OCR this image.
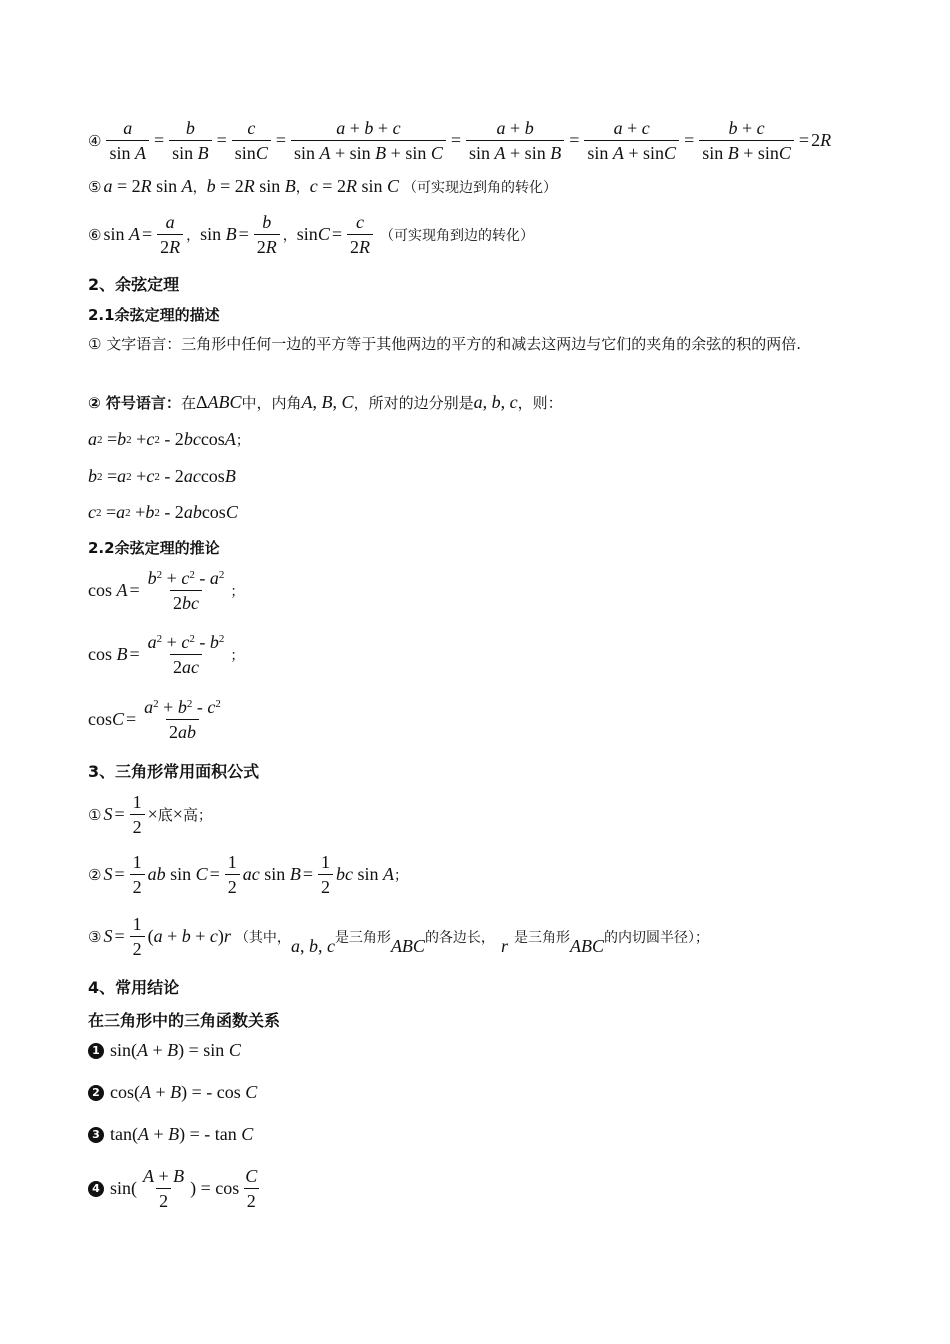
④ $\frac{a}{\text{sin A}} = \frac{b}{\text{sin B}} = \frac{c}{\sin C} = \frac{a + b + c}{\text{sin A + sin B + sin C}} = \frac{a + b}{\text{sin A + sin B}} = \frac{a + c}{\text{sin A + sinC}} = \frac{b + c}{\text{sin B + sinC}} = 2R$
⑤ a = 2R sin A ， b = 2R sin B ， c = 2R sin C （可实现边到角的转化）
⑥ $\sin A = \frac{a}{2R}$ ， $\sin B = \frac{b}{2R}$ ， $\sin C = \frac{c}{2R}$ （可实现角到边的转化）
2、余弦定理
2.1余弦定理的描述
① 文字语言：三角形中任何一边的平方等于其他两边的平方的和减去这两边与它们的夹角的余弦的积的两倍.
② 符号语言： 在 ΔABC 中，内角 A, B, C ，所对的边分别是 a, b, c ，则：
a 2 = b 2 + c 2 - 2 bc cos A ；
b 2 = a 2 + c 2 - 2 ac cos B
c 2 = a 2 + b 2 - 2 ab cos C
2.2余弦定理的推论
$\cos A = \frac{b^2 + c^2 - a^2}{2bc}$ ；
$\cos B = \frac{a^2 + c^2 - b^2}{2ac}$ ；
$\cos C = \frac{a^2 + b^2 - c^2}{2ab}$
3、三角形常用面积公式
① $S = \frac{1}{2}$ × 底 × 高 ；
② $S = \frac{1}{2}$ ab $\sin C = \frac{1}{2}$ ac $\sin B = \frac{1}{2}$ bc sin A ；
③ $S = \frac{1}{2} (a + b + c)r$ （其中， a, b, c 是三角形 ABC 的各边长， r 是三角形 ABC 的内切圆半径）；
4、常用结论
在三角形中的三角函数关系
1 sin(A + B) = sin C
2 cos(A + B) = - cos C
3 tan(A + B) = - tan C
4 $\sin( \frac{A + B}{2}$ ) = $\cos \frac{C}{2}$
